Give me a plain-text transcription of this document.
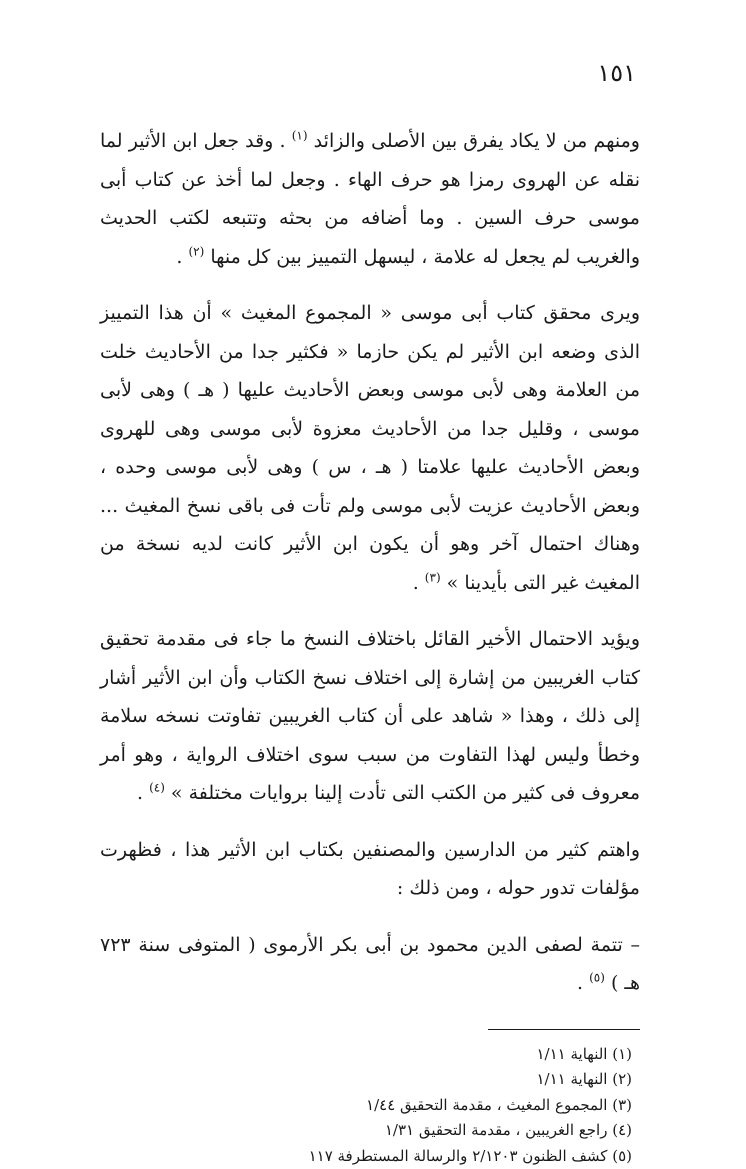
١٥١

ومنهم من لا يكاد يفرق بين الأصلى والزائد $^{(١)}$ . وقد جعل ابن الأثير لما نقله عن الهروى رمزا هو حرف الهاء . وجعل لما أخذ عن كتاب أبى موسى حرف السين . وما أضافه من بحثه وتتبعه لكتب الحديث والغريب لم يجعل له علامة ، ليسهل التمييز بين كل منها $^{(٢)}$ .

ويرى محقق كتاب أبى موسى « المجموع المغيث » أن هذا التمييز الذى وضعه ابن الأثير لم يكن حازما « فكثير جدا من الأحاديث خلت من العلامة وهى لأبى موسى وبعض الأحاديث عليها ( هـ ) وهى لأبى موسى ، وقليل جدا من الأحاديث معزوة لأبى موسى وهى للهروى وبعض الأحاديث عليها علامتا ( هـ ، س ) وهى لأبى موسى وحده ، وبعض الأحاديث عزيت لأبى موسى ولم تأت فى باقى نسخ المغيث ... وهناك احتمال آخر وهو أن يكون ابن الأثير كانت لديه نسخة من المغيث غير التى بأيدينا » $^{(٣)}$ .

ويؤيد الاحتمال الأخير القائل باختلاف النسخ ما جاء فى مقدمة تحقيق كتاب الغريبين من إشارة إلى اختلاف نسخ الكتاب وأن ابن الأثير أشار إلى ذلك ، وهذا « شاهد على أن كتاب الغريبين تفاوتت نسخه سلامة وخطأ وليس لهذا التفاوت من سبب سوى اختلاف الرواية ، وهو أمر معروف فى كثير من الكتب التى تأدت إلينا بروايات مختلفة » $^{(٤)}$ .

واهتم كثير من الدارسين والمصنفين بكتاب ابن الأثير هذا ، فظهرت مؤلفات تدور حوله ، ومن ذلك :

– تتمة لصفى الدين محمود بن أبى بكر الأرموى ( المتوفى سنة ٧٢٣ هـ ) $^{(٥)}$ .

(١) النهاية ١/١١
(٢) النهاية ١/١١
(٣) المجموع المغيث ، مقدمة التحقيق ١/٤٤
(٤) راجع الغريبين ، مقدمة التحقيق ١/٣١
(٥) كشف الظنون ٢/١٢٠٣ والرسالة المستطرفة ١١٧
